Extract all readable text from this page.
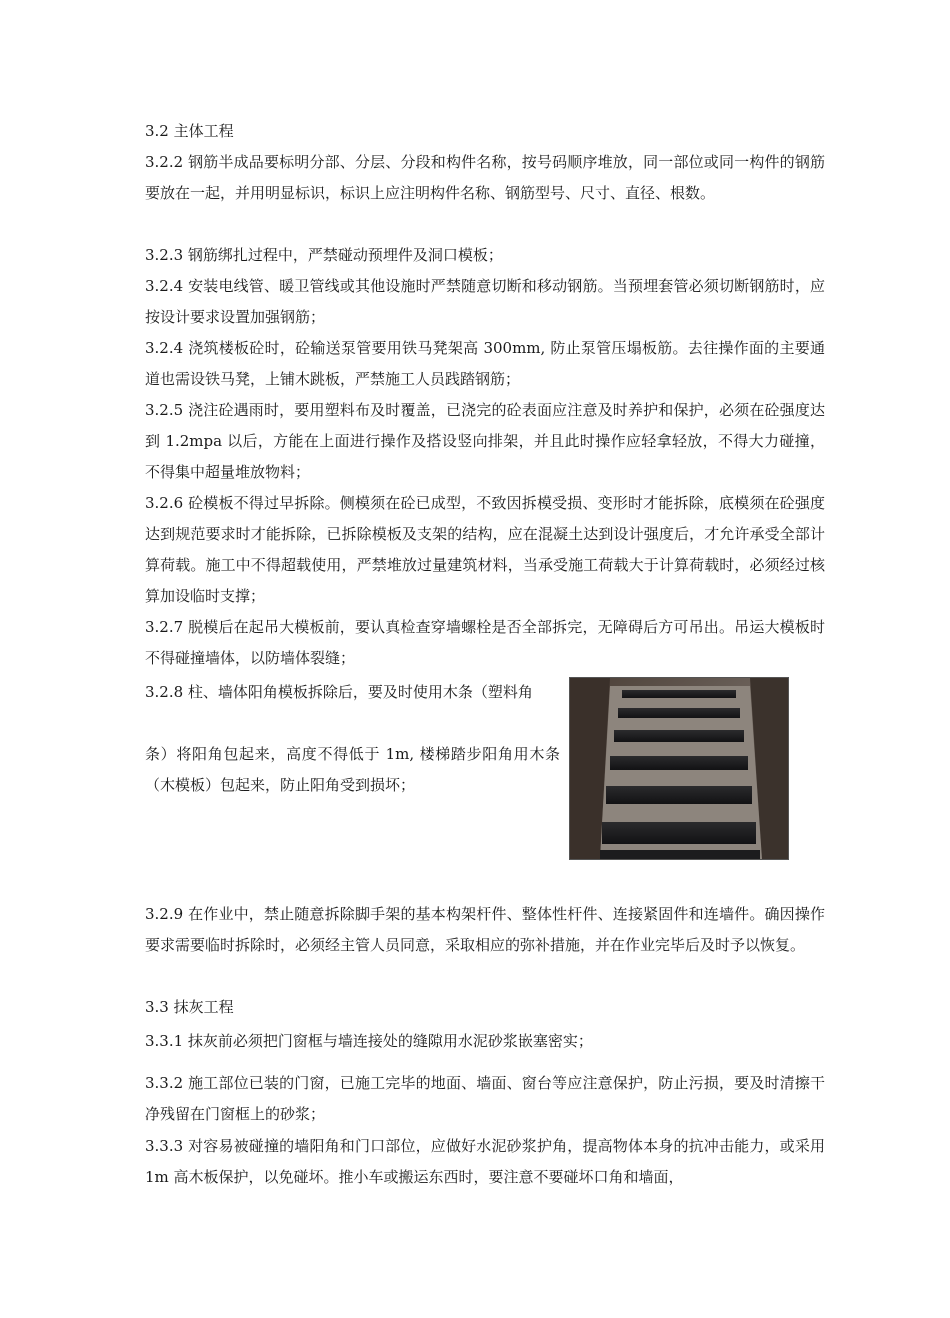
3.2 主体工程

3.2.2 钢筋半成品要标明分部、分层、分段和构件名称，按号码顺序堆放，同一部位或同一构件的钢筋要放在一起，并用明显标识，标识上应注明构件名称、钢筋型号、尺寸、直径、根数。

3.2.3 钢筋绑扎过程中，严禁碰动预埋件及洞口模板；

3.2.4 安装电线管、暖卫管线或其他设施时严禁随意切断和移动钢筋。当预埋套管必须切断钢筋时，应按设计要求设置加强钢筋；

3.2.4 浇筑楼板砼时，砼输送泵管要用铁马凳架高 300mm, 防止泵管压塌板筋。去往操作面的主要通道也需设铁马凳，上铺木跳板，严禁施工人员践踏钢筋；

3.2.5 浇注砼遇雨时，要用塑料布及时覆盖，已浇完的砼表面应注意及时养护和保护，必须在砼强度达到 1.2mpa 以后，方能在上面进行操作及搭设竖向排架，并且此时操作应轻拿轻放，不得大力碰撞，不得集中超量堆放物料；

3.2.6 砼模板不得过早拆除。侧模须在砼已成型，不致因拆模受损、变形时才能拆除，底模须在砼强度达到规范要求时才能拆除，已拆除模板及支架的结构，应在混凝土达到设计强度后，才允许承受全部计算荷载。施工中不得超载使用，严禁堆放过量建筑材料，当承受施工荷载大于计算荷载时，必须经过核算加设临时支撑；

3.2.7 脱模后在起吊大模板前，要认真检查穿墙螺栓是否全部拆完，无障碍后方可吊出。吊运大模板时不得碰撞墙体，以防墙体裂缝；

3.2.8 柱、墙体阳角模板拆除后，要及时使用木条（塑料角

条）将阳角包起来，高度不得低于 1m, 楼梯踏步阳角用木条（木模板）包起来，防止阳角受到损坏；

3.2.9 在作业中，禁止随意拆除脚手架的基本构架杆件、整体性杆件、连接紧固件和连墙件。确因操作要求需要临时拆除时，必须经主管人员同意，采取相应的弥补措施，并在作业完毕后及时予以恢复。

3.3 抹灰工程

3.3.1 抹灰前必须把门窗框与墙连接处的缝隙用水泥砂浆嵌塞密实；

3.3.2 施工部位已装的门窗，已施工完毕的地面、墙面、窗台等应注意保护，防止污损，要及时清擦干净残留在门窗框上的砂浆；

3.3.3 对容易被碰撞的墙阳角和门口部位，应做好水泥砂浆护角，提高物体本身的抗冲击能力，或采用 1m 高木板保护，以免碰坏。推小车或搬运东西时，要注意不要碰坏口角和墙面，
